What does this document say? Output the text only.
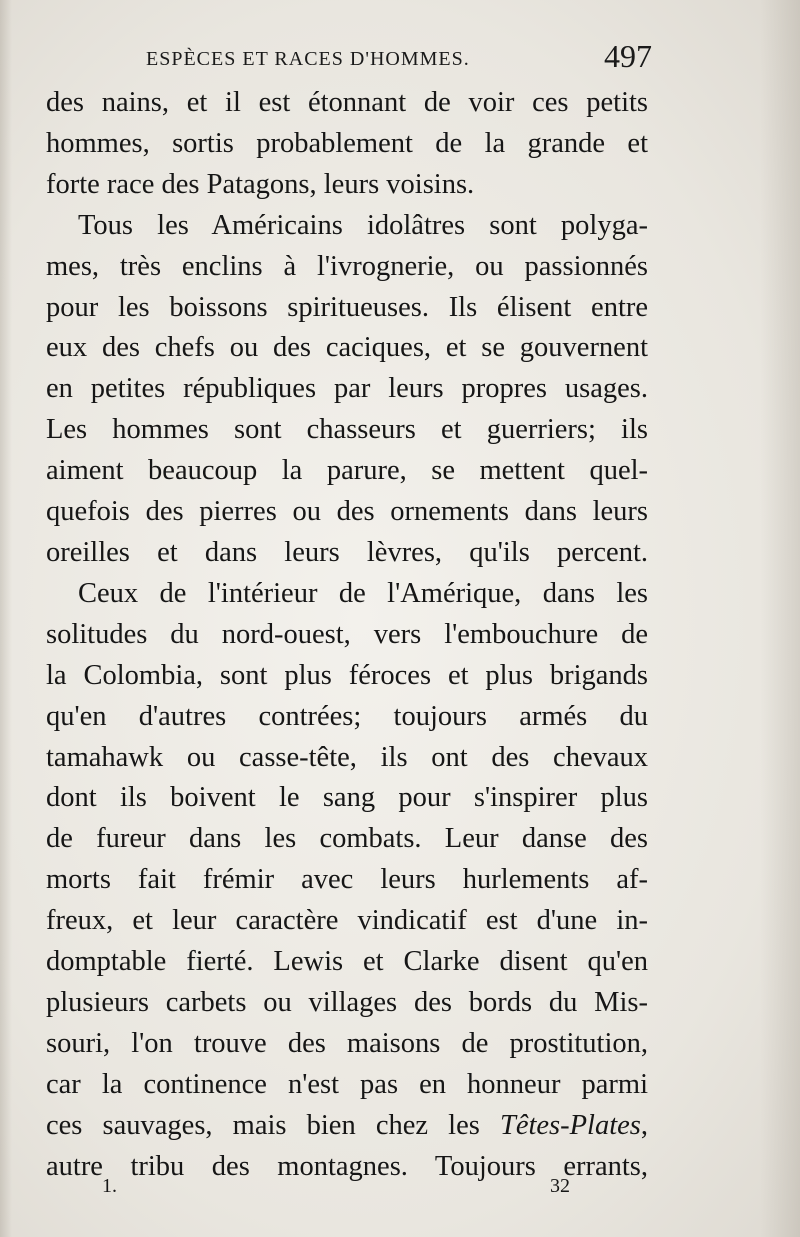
ESPÈCES ET RACES D'HOMMES.	497
des nains, et il est étonnant de voir ces petits
hommes, sortis probablement de la grande et
forte race des Patagons, leurs voisins.
Tous les Américains idolâtres sont polyga-
mes, très enclins à l'ivrognerie, ou passionnés
pour les boissons spiritueuses. Ils élisent entre
eux des chefs ou des caciques, et se gouvernent
en petites républiques par leurs propres usages.
Les hommes sont chasseurs et guerriers; ils
aiment beaucoup la parure, se mettent quel-
quefois des pierres ou des ornements dans leurs
oreilles et dans leurs lèvres, qu'ils percent.
Ceux de l'intérieur de l'Amérique, dans les
solitudes du nord-ouest, vers l'embouchure de
la Colombia, sont plus féroces et plus brigands
qu'en d'autres contrées; toujours armés du
tamahawk ou casse-tête, ils ont des chevaux
dont ils boivent le sang pour s'inspirer plus
de fureur dans les combats. Leur danse des
morts fait frémir avec leurs hurlements af-
freux, et leur caractère vindicatif est d'une in-
domptable fierté. Lewis et Clarke disent qu'en
plusieurs carbets ou villages des bords du Mis-
souri, l'on trouve des maisons de prostitution,
car la continence n'est pas en honneur parmi
ces sauvages, mais bien chez les Têtes-Plates,
autre tribu des montagnes. Toujours errants,
1.	32
